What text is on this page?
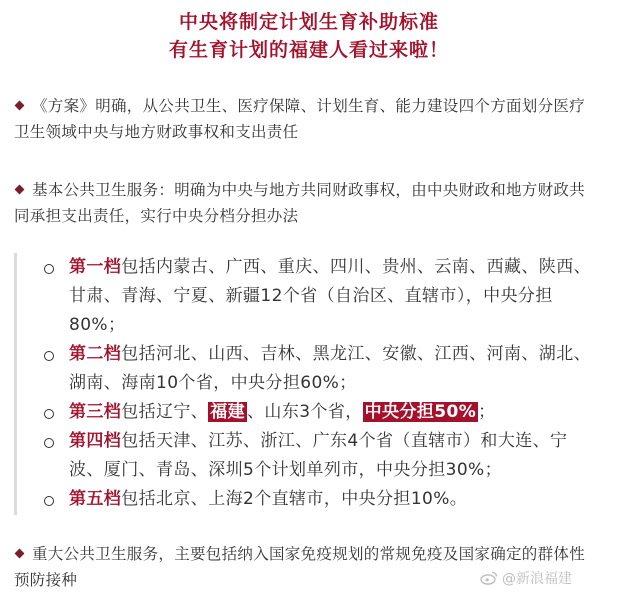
中央将制定计划生育补助标准
有生育计划的福建人看过来啦！
《方案》明确，从公共卫生、医疗保障、计划生育、能力建设四个方面划分医疗卫生领域中央与地方财政事权和支出责任
基本公共卫生服务：明确为中央与地方共同财政事权，由中央财政和地方财政共同承担支出责任，实行中央分档分担办法
第一档包括内蒙古、广西、重庆、四川、贵州、云南、西藏、陕西、甘肃、青海、宁夏、新疆12个省（自治区、直辖市），中央分担80%；
第二档包括河北、山西、吉林、黑龙江、安徽、江西、河南、湖北、湖南、海南10个省，中央分担60%；
第三档包括辽宁、 福建 、山东3个省， 中央分担50% ；
第四档包括天津、江苏、浙江、广东4个省（直辖市）和大连、宁波、厦门、青岛、深圳5个计划单列市，中央分担30%；
第五档包括北京、上海2个直辖市，中央分担10%。
重大公共卫生服务，主要包括纳入国家免疫规划的常规免疫及国家确定的群体性预防接种	@新浪福建
